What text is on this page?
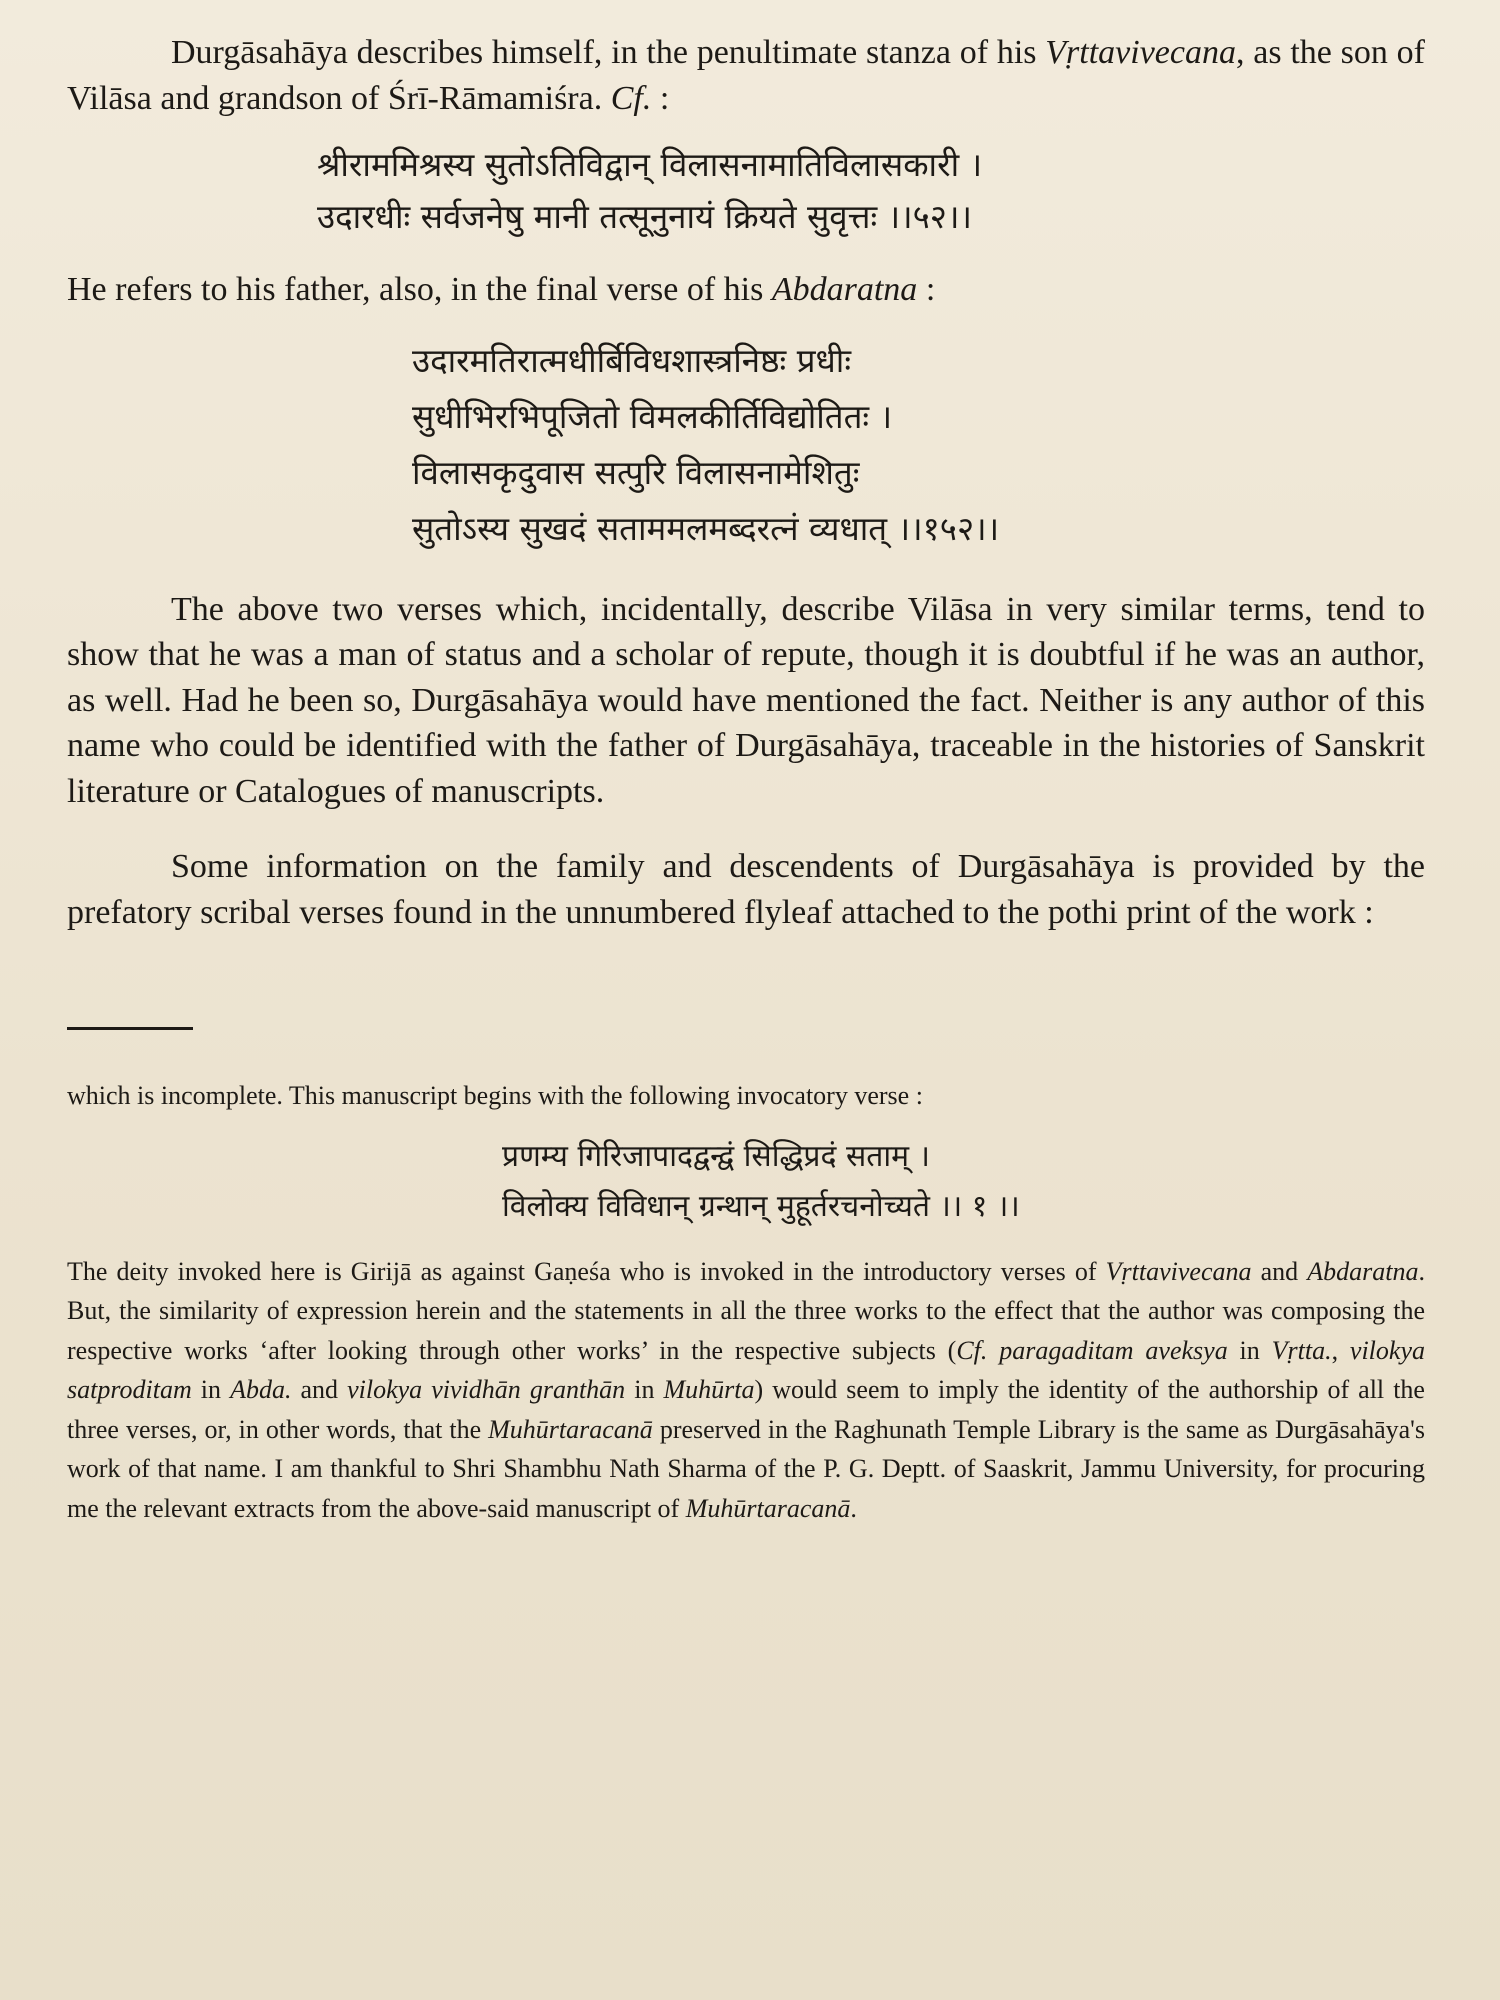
Durgāsahāya describes himself, in the penultimate stanza of his Vṛttavivecana, as the son of Vilāsa and grandson of Śrī-Rāmamiśra. Cf. :

श्रीराममिश्रस्य सुतोऽतिविद्वान् विलासनामातिविलासकारी ।
उदारधीः सर्वजनेषु मानी तत्सूनुनायं क्रियते सुवृत्तः ।।५२।।

He refers to his father, also, in the final verse of his Abdaratna :

उदारमतिरात्मधीर्बिविधशास्त्रनिष्ठः प्रधीः
सुधीभिरभिपूजितो विमलकीर्तिविद्योतितः ।
विलासकृदुवास सत्पुरि विलासनामेशितुः
सुतोऽस्य सुखदं सताममलमब्दरत्नं व्यधात् ।।१५२।।

The above two verses which, incidentally, describe Vilāsa in very similar terms, tend to show that he was a man of status and a scholar of repute, though it is doubtful if he was an author, as well. Had he been so, Durgāsahāya would have mentioned the fact. Neither is any author of this name who could be identified with the father of Durgāsahāya, traceable in the histories of Sanskrit literature or Catalogues of manuscripts.

Some information on the family and descendents of Durgāsahāya is provided by the prefatory scribal verses found in the unnumbered flyleaf attached to the pothi print of the work :

which is incomplete. This manuscript begins with the following invocatory verse :

प्रणम्य गिरिजापादद्वन्द्वं सिद्धिप्रदं सताम् ।
विलोक्य विविधान् ग्रन्थान् मुहूर्तरचनोच्यते ।। १ ।।

The deity invoked here is Girijā as against Gaṇeśa who is invoked in the introductory verses of Vṛttavivecana and Abdaratna. But, the similarity of expression herein and the statements in all the three works to the effect that the author was composing the respective works ‘after looking through other works’ in the respective subjects (Cf. paragaditam aveksya in Vṛtta., vilokya satproditam in Abda. and vilokya vividhān granthān in Muhūrta) would seem to imply the identity of the authorship of all the three verses, or, in other words, that the Muhūrtaracanā preserved in the Raghunath Temple Library is the same as Durgāsahāya's work of that name. I am thankful to Shri Shambhu Nath Sharma of the P. G. Deptt. of Saaskrit, Jammu University, for procuring me the relevant extracts from the above-said manuscript of Muhūrtaracanā.
